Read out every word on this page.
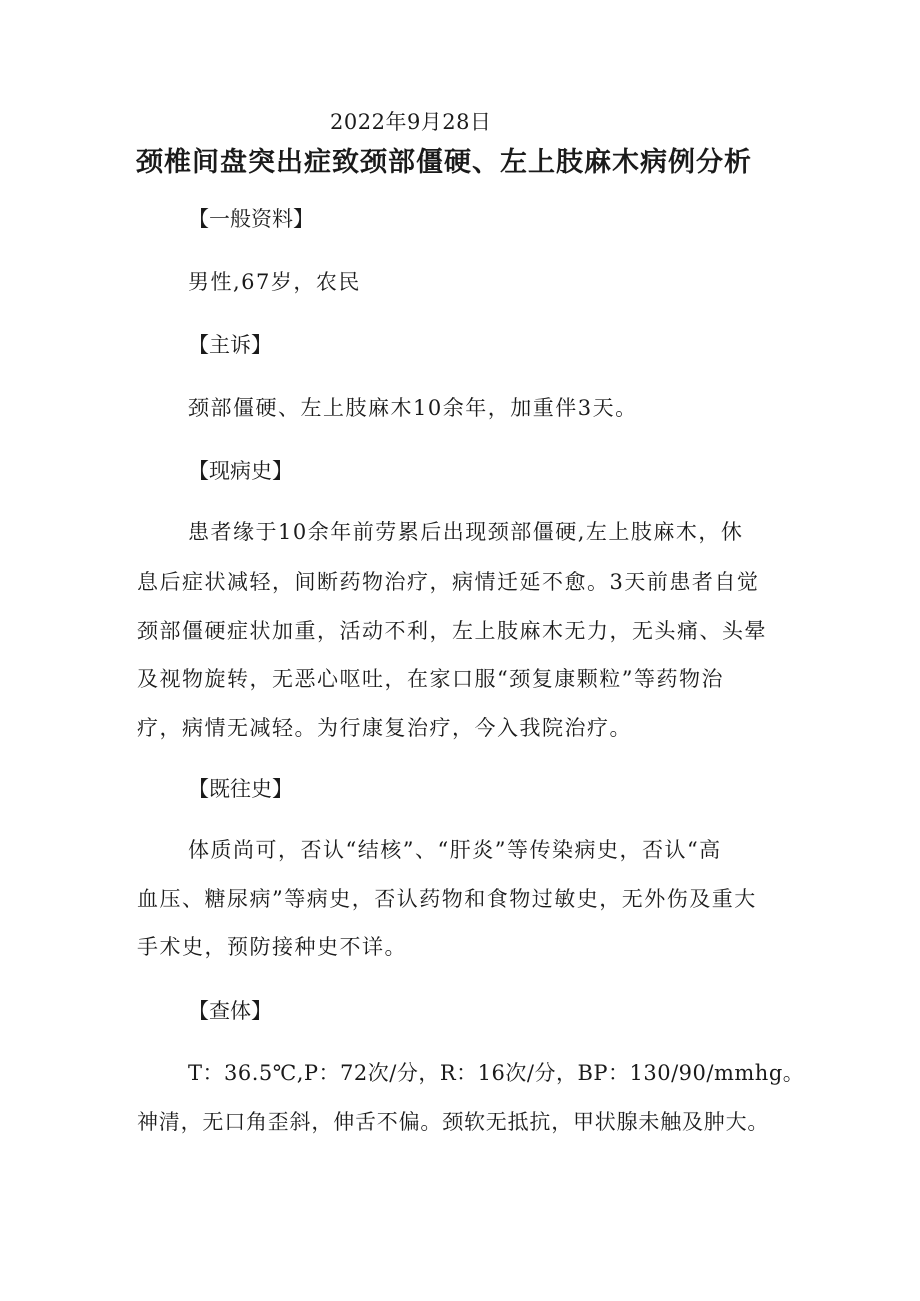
2022年9月28日
颈椎间盘突出症致颈部僵硬、左上肢麻木病例分析
【一般资料】
男性,67岁，农民
【主诉】
颈部僵硬、左上肢麻木10余年，加重伴3天。
【现病史】
患者缘于10余年前劳累后出现颈部僵硬,左上肢麻木，休
息后症状减轻，间断药物治疗，病情迁延不愈。3天前患者自觉
颈部僵硬症状加重，活动不利，左上肢麻木无力，无头痛、头晕
及视物旋转，无恶心呕吐，在家口服“颈复康颗粒”等药物治
疗，病情无减轻。为行康复治疗，今入我院治疗。
【既往史】
体质尚可，否认“结核”、“肝炎”等传染病史，否认“高
血压、糖尿病”等病史，否认药物和食物过敏史，无外伤及重大
手术史，预防接种史不详。
【查体】
T：36.5℃,P：72次/分，R：16次/分，BP：130/90/mmhg。
神清，无口角歪斜，伸舌不偏。颈软无抵抗，甲状腺未触及肿大。
